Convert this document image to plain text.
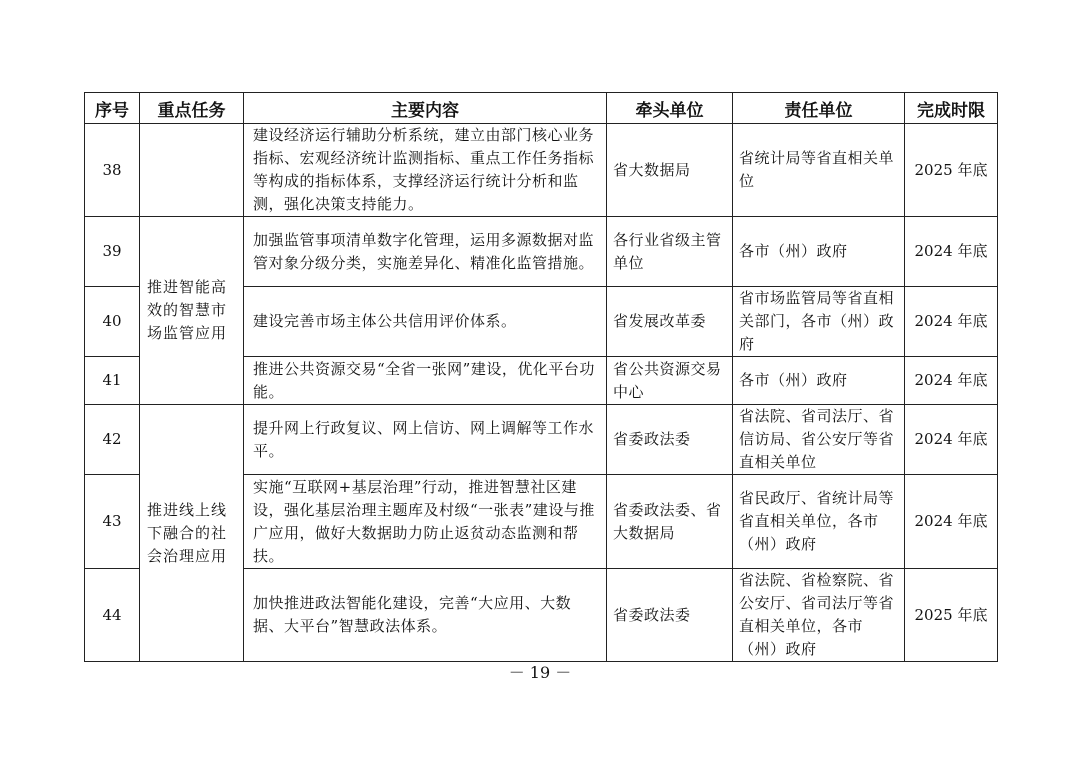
序号	重点任务	主要内容	牵头单位	责任单位	完成时限
38		建设经济运行辅助分析系统，建立由部门核心业务指标、宏观经济统计监测指标、重点工作任务指标等构成的指标体系，支撑经济运行统计分析和监测，强化决策支持能力。	省大数据局	省统计局等省直相关单位	2025 年底
39	推进智能高效的智慧市场监管应用	加强监管事项清单数字化管理，运用多源数据对监管对象分级分类，实施差异化、精准化监管措施。	各行业省级主管单位	各市（州）政府	2024 年底
40		建设完善市场主体公共信用评价体系。	省发展改革委	省市场监管局等省直相关部门，各市（州）政府	2024 年底
41		推进公共资源交易“全省一张网”建设，优化平台功能。	省公共资源交易中心	各市（州）政府	2024 年底
42	推进线上线下融合的社会治理应用	提升网上行政复议、网上信访、网上调解等工作水平。	省委政法委	省法院、省司法厅、省信访局、省公安厅等省直相关单位	2024 年底
43		实施“互联网+基层治理”行动，推进智慧社区建设，强化基层治理主题库及村级“一张表”建设与推广应用，做好大数据助力防止返贫动态监测和帮扶。	省委政法委、省大数据局	省民政厅、省统计局等省直相关单位，各市（州）政府	2024 年底
44		加快推进政法智能化建设，完善“大应用、大数据、大平台”智慧政法体系。	省委政法委	省法院、省检察院、省公安厅、省司法厅等省直相关单位，各市（州）政府	2025 年底
－ 19 －
